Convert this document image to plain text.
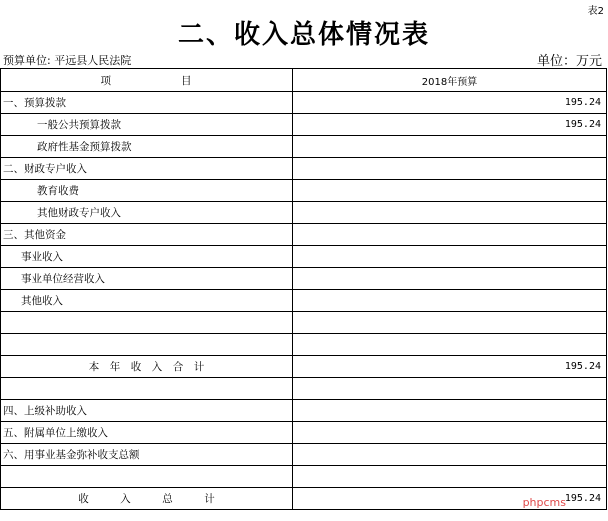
表2
二、收入总体情况表
预算单位: 平远县人民法院	单位：万元
项　　　　　　目	2018年预算
一、预算拨款	195.24
一般公共预算拨款	195.24
政府性基金预算拨款
二、财政专户收入
教育收费
其他财政专户收入
三、其他资金
事业收入
事业单位经营收入
其他收入
本　年　收　入　合　计	195.24
四、上级补助收入
五、附属单位上缴收入
六、用事业基金弥补收支总额
收　　　入　　　总　　　计	195.24
phpcms
